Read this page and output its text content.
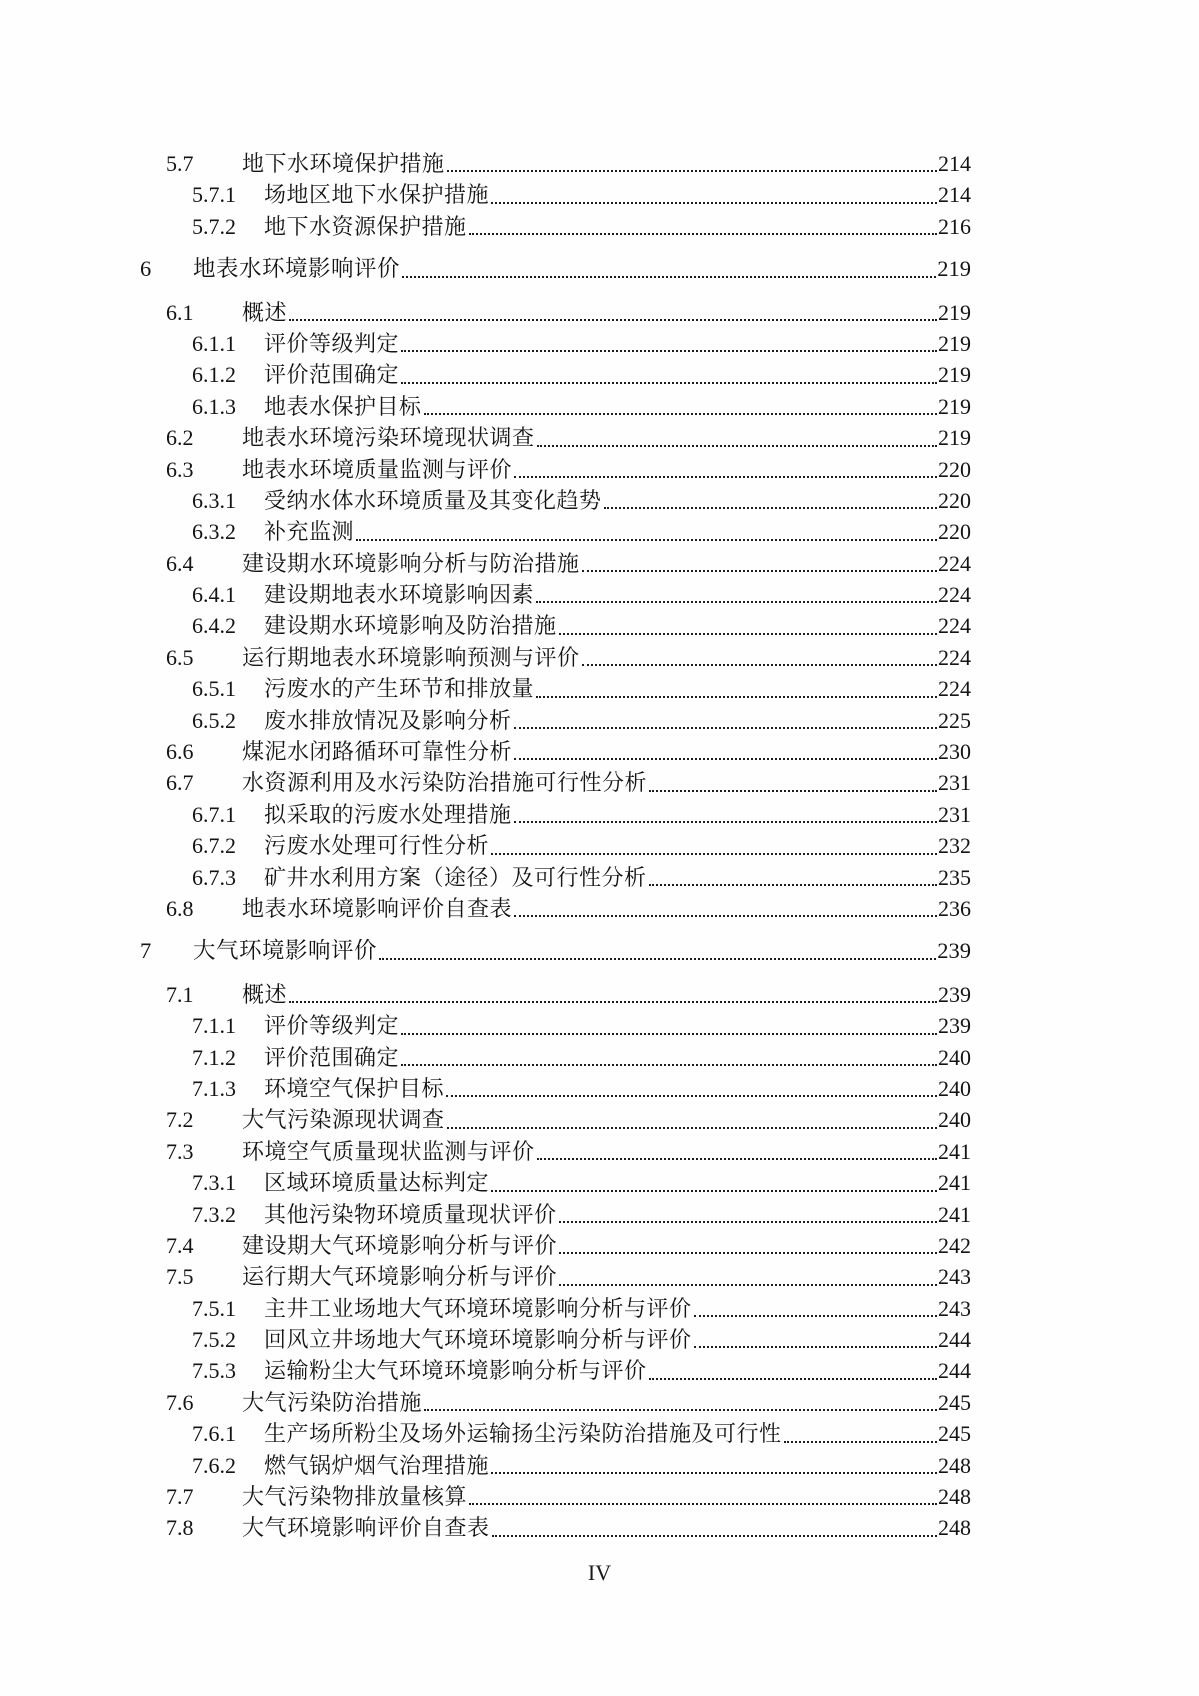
5.7	地下水环境保护措施	214
5.7.1	场地区地下水保护措施	214
5.7.2	地下水资源保护措施	216
6	地表水环境影响评价	219
6.1	概述	219
6.1.1	评价等级判定	219
6.1.2	评价范围确定	219
6.1.3	地表水保护目标	219
6.2	地表水环境污染环境现状调查	219
6.3	地表水环境质量监测与评价	220
6.3.1	受纳水体水环境质量及其变化趋势	220
6.3.2	补充监测	220
6.4	建设期水环境影响分析与防治措施	224
6.4.1	建设期地表水环境影响因素	224
6.4.2	建设期水环境影响及防治措施	224
6.5	运行期地表水环境影响预测与评价	224
6.5.1	污废水的产生环节和排放量	224
6.5.2	废水排放情况及影响分析	225
6.6	煤泥水闭路循环可靠性分析	230
6.7	水资源利用及水污染防治措施可行性分析	231
6.7.1	拟采取的污废水处理措施	231
6.7.2	污废水处理可行性分析	232
6.7.3	矿井水利用方案（途径）及可行性分析	235
6.8	地表水环境影响评价自查表	236
7	大气环境影响评价	239
7.1	概述	239
7.1.1	评价等级判定	239
7.1.2	评价范围确定	240
7.1.3	环境空气保护目标	240
7.2	大气污染源现状调查	240
7.3	环境空气质量现状监测与评价	241
7.3.1	区域环境质量达标判定	241
7.3.2	其他污染物环境质量现状评价	241
7.4	建设期大气环境影响分析与评价	242
7.5	运行期大气环境影响分析与评价	243
7.5.1	主井工业场地大气环境环境影响分析与评价	243
7.5.2	回风立井场地大气环境环境影响分析与评价	244
7.5.3	运输粉尘大气环境环境影响分析与评价	244
7.6	大气污染防治措施	245
7.6.1	生产场所粉尘及场外运输扬尘污染防治措施及可行性	245
7.6.2	燃气锅炉烟气治理措施	248
7.7	大气污染物排放量核算	248
7.8	大气环境影响评价自查表	248
IV
